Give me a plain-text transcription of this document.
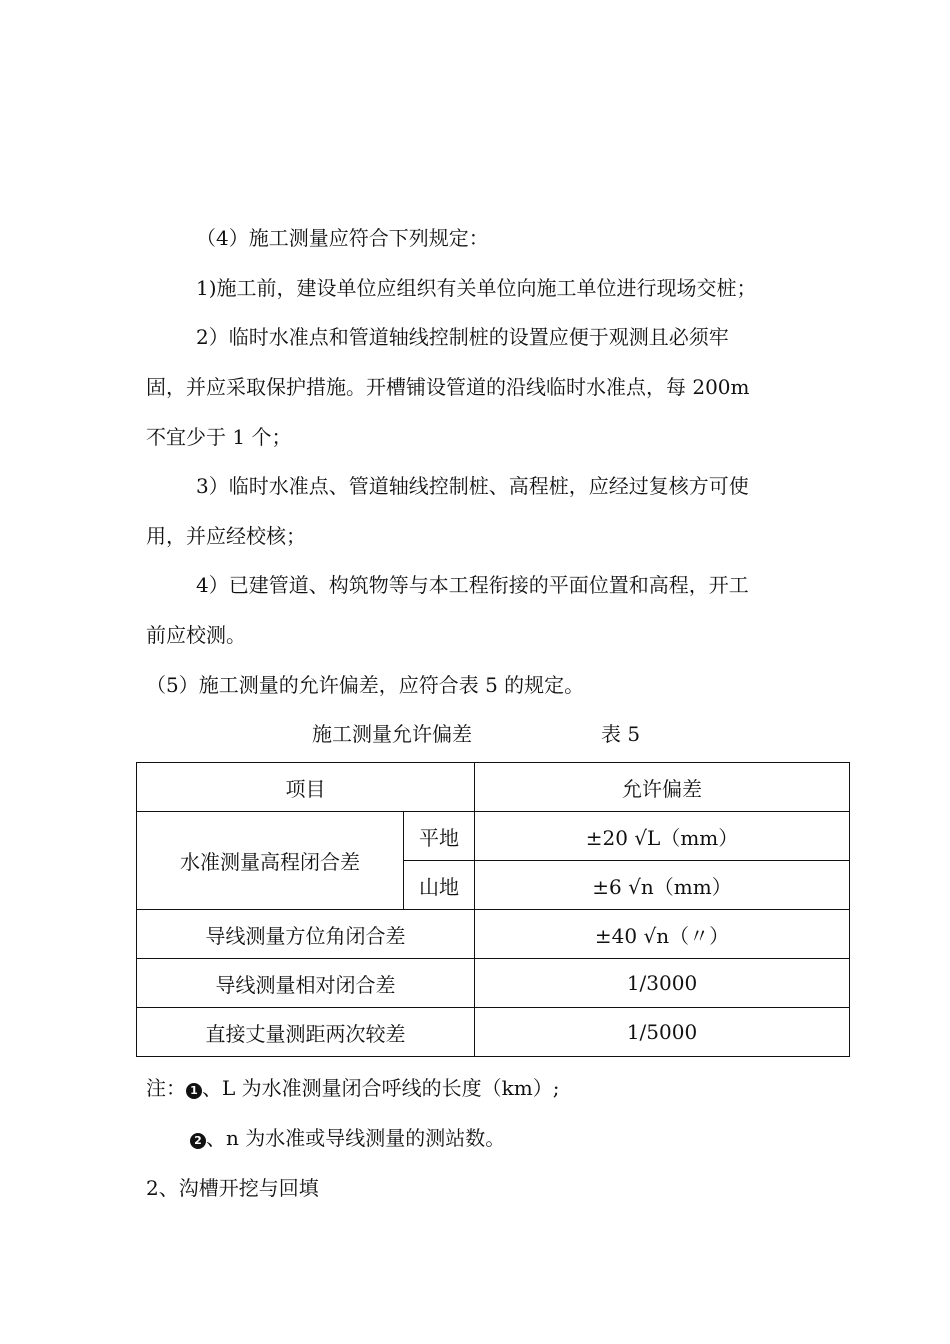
（4）施工测量应符合下列规定：
1)施工前，建设单位应组织有关单位向施工单位进行现场交桩；
2）临时水准点和管道轴线控制桩的设置应便于观测且必须牢
固，并应采取保护措施。开槽铺设管道的沿线临时水准点，每 200m
不宜少于 1 个；
3）临时水准点、管道轴线控制桩、高程桩，应经过复核方可使
用，并应经校核；
4）已建管道、构筑物等与本工程衔接的平面位置和高程，开工
前应校测。
（5）施工测量的允许偏差，应符合表 5 的规定。
施工测量允许偏差	表 5
项目		允许偏差
水准测量高程闭合差	平地	±20 √L（mm）
	山地	±6 √n（mm）
导线测量方位角闭合差		±40 √n（〃）
导线测量相对闭合差		1/3000
直接丈量测距两次较差		1/5000
注： 1 、L 为水准测量闭合呼线的长度（km）;
2 、n 为水准或导线测量的测站数。
2、沟槽开挖与回填
